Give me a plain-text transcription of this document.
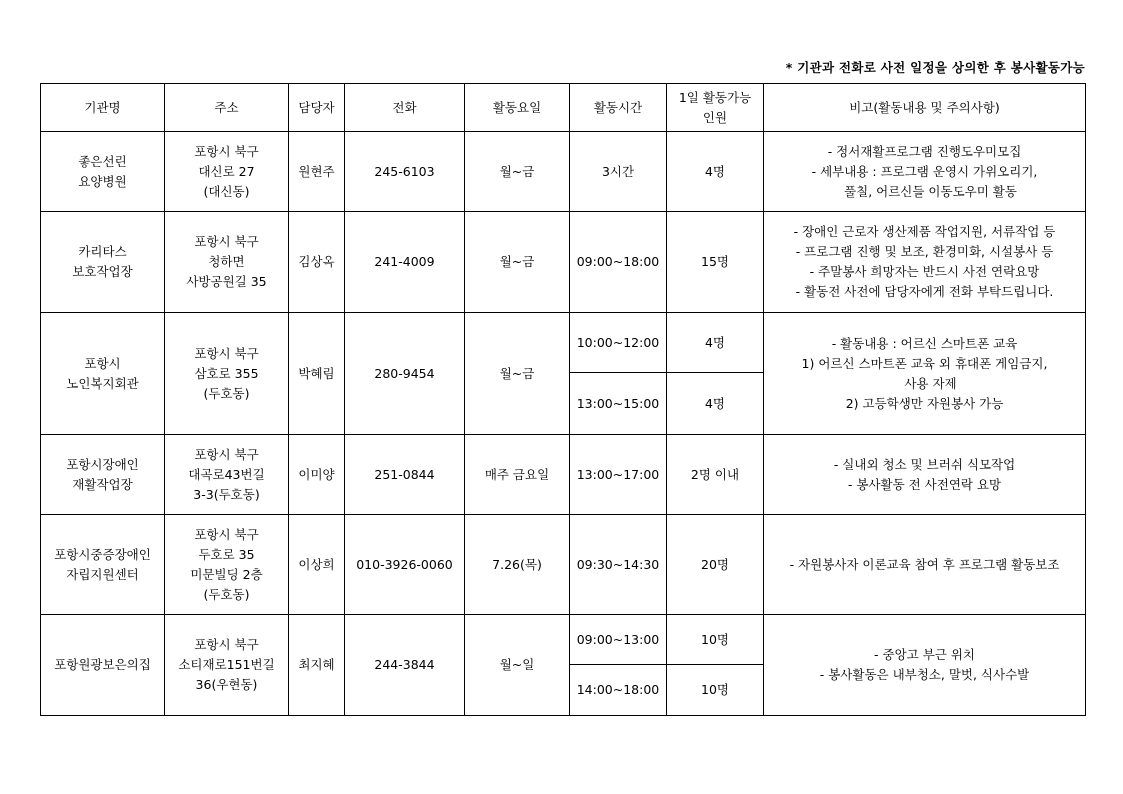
* 기관과 전화로 사전 일정을 상의한 후 봉사활동가능
기관명	주소	담당자	전화	활동요일	활동시간	1일 활동가능
인원	비고(활동내용 및 주의사항)

좋은선린
요양병원	포항시 북구
대신로 27
(대신동)	원현주	245-6103	월~금	3시간	4명	- 정서재활프로그램 진행도우미모집
- 세부내용 : 프로그램 운영시 가위오리기,
풀칠, 어르신들 이동도우미 활동

카리타스
보호작업장	포항시 북구
청하면
사방공원길 35	김상옥	241-4009	월~금	09:00~18:00	15명	- 장애인 근로자 생산제품 작업지원, 서류작업 등
- 프로그램 진행 및 보조, 환경미화, 시설봉사 등
- 주말봉사 희망자는 반드시 사전 연락요망
- 활동전 사전에 담당자에게 전화 부탁드립니다.

포항시
노인복지회관	포항시 북구
삼호로 355
(두호동)	박혜림	280-9454	월~금	10:00~12:00	4명	- 활동내용 : 어르신 스마트폰 교육
1) 어르신 스마트폰 교육 외 휴대폰 게임금지,
사용 자제
2) 고등학생만 자원봉사 가능

					13:00~15:00	4명	

포항시장애인
재활작업장	포항시 북구
대곡로43번길
3-3(두호동)	이미양	251-0844	매주 금요일	13:00~17:00	2명 이내	- 실내외 청소 및 브러쉬 식모작업
- 봉사활동 전 사전연락 요망

포항시중증장애인
자립지원센터	포항시 북구
두호로 35
미문빌딩 2층
(두호동)	이상희	010-3926-0060	7.26(목)	09:30~14:30	20명	- 자원봉사자 이론교육 참여 후 프로그램 활동보조

포항원광보은의집	포항시 북구
소티재로151번길
36(우현동)	최지혜	244-3844	월~일	09:00~13:00	10명	- 중앙고 부근 위치
- 봉사활동은 내부청소, 말벗, 식사수발

					14:00~18:00	10명	
